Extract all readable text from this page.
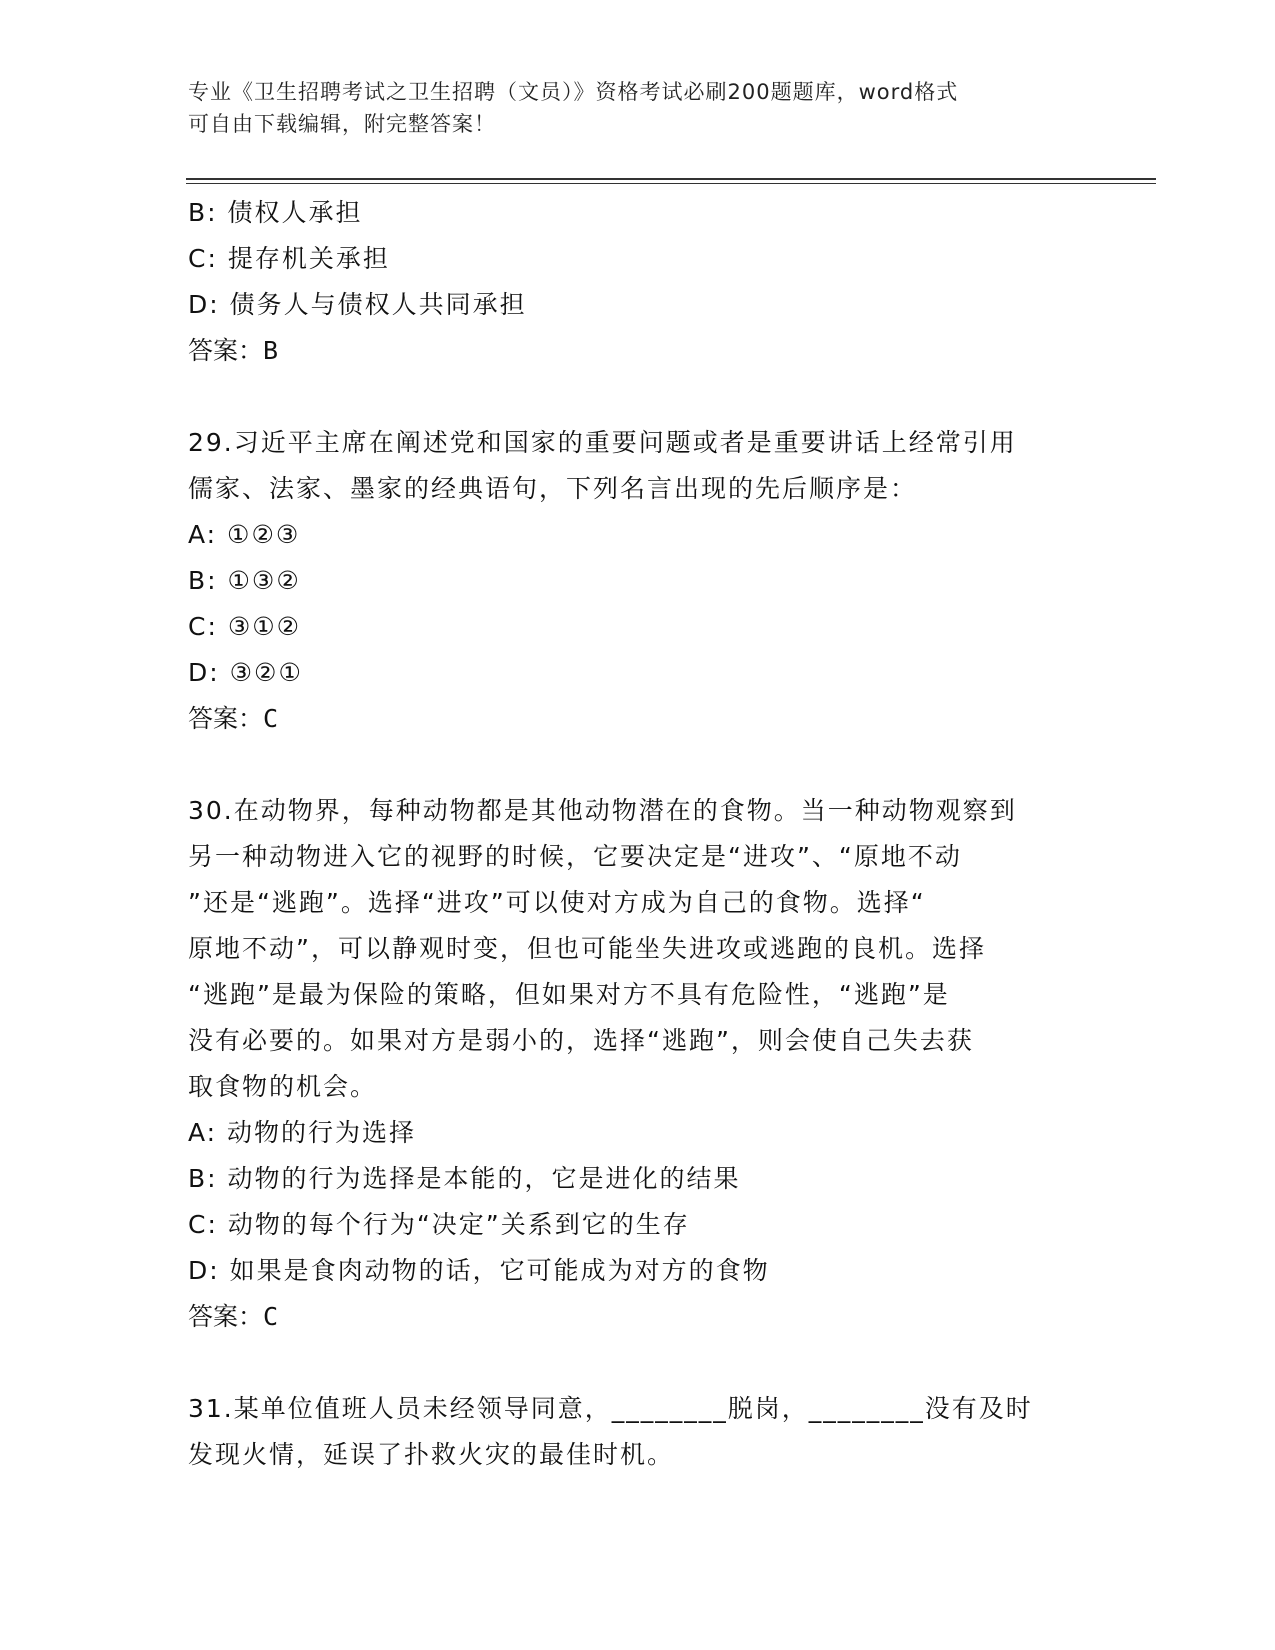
专业《卫生招聘考试之卫生招聘（文员）》资格考试必刷200题题库，word格式
可自由下载编辑，附完整答案！
B: 债权人承担
C: 提存机关承担
D: 债务人与债权人共同承担
答案：B
29.习近平主席在阐述党和国家的重要问题或者是重要讲话上经常引用
儒家、法家、墨家的经典语句，下列名言出现的先后顺序是：
A: ①②③
B: ①③②
C: ③①②
D: ③②①
答案：C
30.在动物界，每种动物都是其他动物潜在的食物。当一种动物观察到
另一种动物进入它的视野的时候，它要决定是“进攻”、“原地不动
”还是“逃跑”。选择“进攻”可以使对方成为自己的食物。选择“
原地不动”，可以静观时变，但也可能坐失进攻或逃跑的良机。选择
“逃跑”是最为保险的策略，但如果对方不具有危险性，“逃跑”是
没有必要的。如果对方是弱小的，选择“逃跑”，则会使自己失去获
取食物的机会。
A: 动物的行为选择
B: 动物的行为选择是本能的，它是进化的结果
C: 动物的每个行为“决定”关系到它的生存
D: 如果是食肉动物的话，它可能成为对方的食物
答案：C
31.某单位值班人员未经领导同意，________脱岗，________没有及时
发现火情，延误了扑救火灾的最佳时机。
